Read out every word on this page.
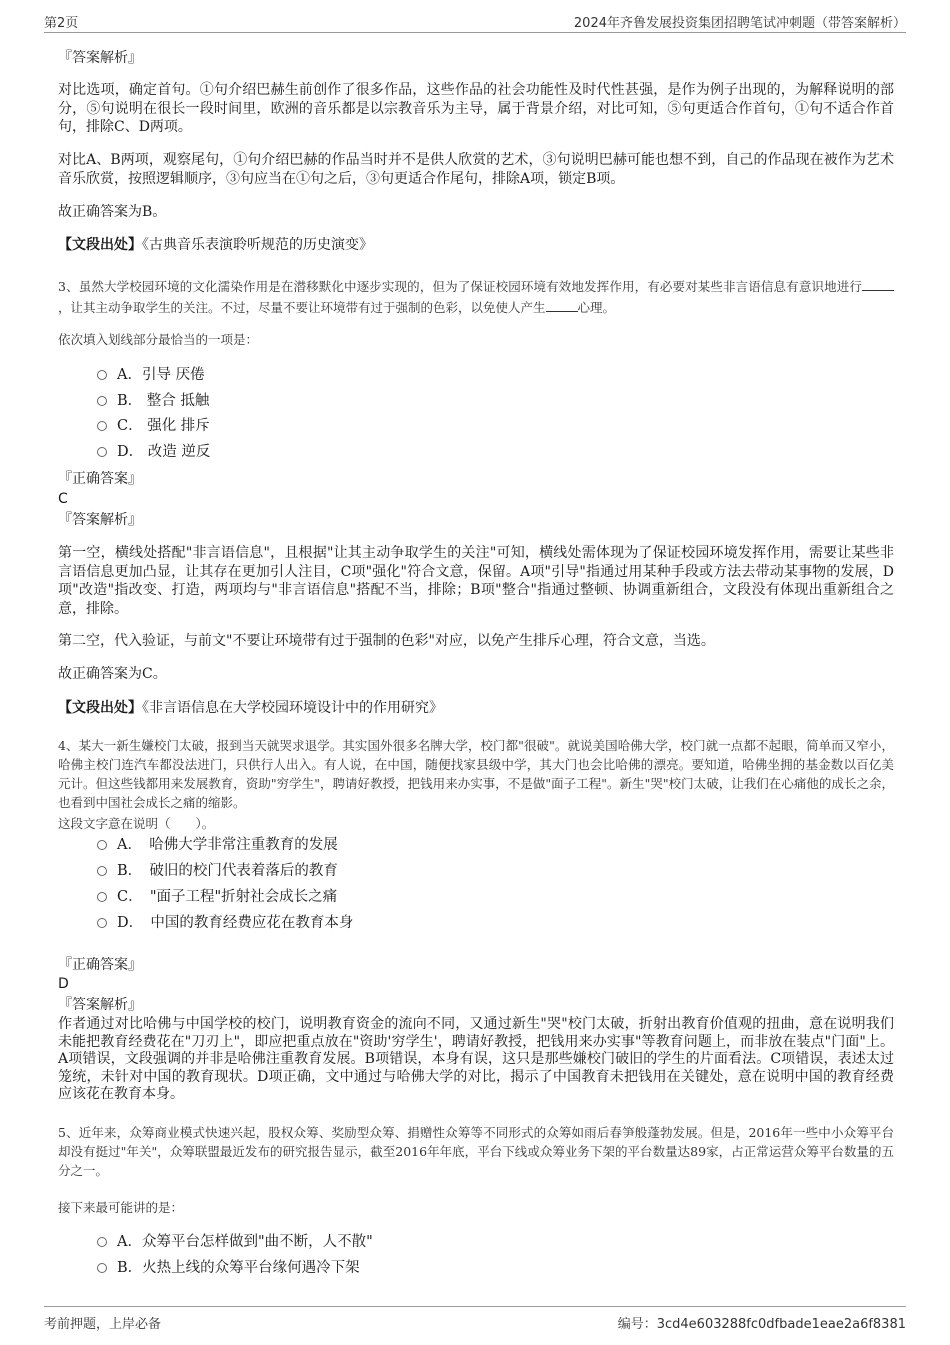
第2页	2024年齐鲁发展投资集团招聘笔试冲刺题（带答案解析）
『答案解析』
对比选项，确定首句。①句介绍巴赫生前创作了很多作品，这些作品的社会功能性及时代性甚强，是作为例子出现的，为解释说明的部分，⑤句说明在很长一段时间里，欧洲的音乐都是以宗教音乐为主导，属于背景介绍，对比可知，⑤句更适合作首句，①句不适合作首句，排除C、D两项。
对比A、B两项，观察尾句，①句介绍巴赫的作品当时并不是供人欣赏的艺术，③句说明巴赫可能也想不到，自己的作品现在被作为艺术音乐欣赏，按照逻辑顺序，③句应当在①句之后，③句更适合作尾句，排除A项，锁定B项。
故正确答案为B。
【文段出处】《古典音乐表演聆听规范的历史演变》
3、虽然大学校园环境的文化濡染作用是在潜移默化中逐步实现的，但为了保证校园环境有效地发挥作用，有必要对某些非言语信息有意识地进行，让其主动争取学生的关注。不过，尽量不要让环境带有过于强制的色彩，以免使人产生	心理。
依次填入划线部分最恰当的一项是：
A．引导 厌倦
B． 整合 抵触
C． 强化 排斥
D． 改造 逆反
『正确答案』
C
『答案解析』
第一空，横线处搭配"非言语信息"，且根据"让其主动争取学生的关注"可知，横线处需体现为了保证校园环境发挥作用，需要让某些非言语信息更加凸显，让其存在更加引人注目，C项"强化"符合文意，保留。A项"引导"指通过用某种手段或方法去带动某事物的发展，D项"改造"指改变、打造，两项均与"非言语信息"搭配不当，排除；B项"整合"指通过整顿、协调重新组合，文段没有体现出重新组合之意，排除。
第二空，代入验证，与前文"不要让环境带有过于强制的色彩"对应，以免产生排斥心理，符合文意，当选。
故正确答案为C。
【文段出处】《非言语信息在大学校园环境设计中的作用研究》
4、某大一新生嫌校门太破，报到当天就哭求退学。其实国外很多名牌大学，校门都"很破"。就说美国哈佛大学，校门就一点都不起眼，简单而又窄小，哈佛主校门连汽车都没法进门，只供行人出入。有人说，在中国，随便找家县级中学，其大门也会比哈佛的漂亮。要知道，哈佛坐拥的基金数以百亿美元计。但这些钱都用来发展教育，资助"穷学生"，聘请好教授，把钱用来办实事，不是做"面子工程"。新生"哭"校门太破，让我们在心痛他的成长之余，也看到中国社会成长之痛的缩影。
这段文字意在说明（　　）。
A．　哈佛大学非常注重教育的发展
B．　破旧的校门代表着落后的教育
C．　"面子工程"折射社会成长之痛
D．　中国的教育经费应花在教育本身
『正确答案』
D
『答案解析』
作者通过对比哈佛与中国学校的校门，说明教育资金的流向不同，又通过新生"哭"校门太破，折射出教育价值观的扭曲，意在说明我们未能把教育经费花在"刀刃上"，即应把重点放在"资助'穷学生'，聘请好教授，把钱用来办实事"等教育问题上，而非放在装点"门面"上。A项错误，文段强调的并非是哈佛注重教育发展。B项错误，本身有误，这只是那些嫌校门破旧的学生的片面看法。C项错误，表述太过笼统，未针对中国的教育现状。D项正确，文中通过与哈佛大学的对比，揭示了中国教育未把钱用在关键处，意在说明中国的教育经费应该花在教育本身。
5、近年来，众筹商业模式快速兴起，股权众筹、奖励型众筹、捐赠性众筹等不同形式的众筹如雨后春笋般蓬勃发展。但是，2016年一些中小众筹平台却没有挺过"年关"，众筹联盟最近发布的研究报告显示，截至2016年年底，平台下线或众筹业务下架的平台数量达89家，占正常运营众筹平台数量的五分之一。
接下来最可能讲的是：
A．众筹平台怎样做到"曲不断，人不散"
B．火热上线的众筹平台缘何遇冷下架
考前押题，上岸必备	编号：3cd4e603288fc0dfbade1eae2a6f8381
